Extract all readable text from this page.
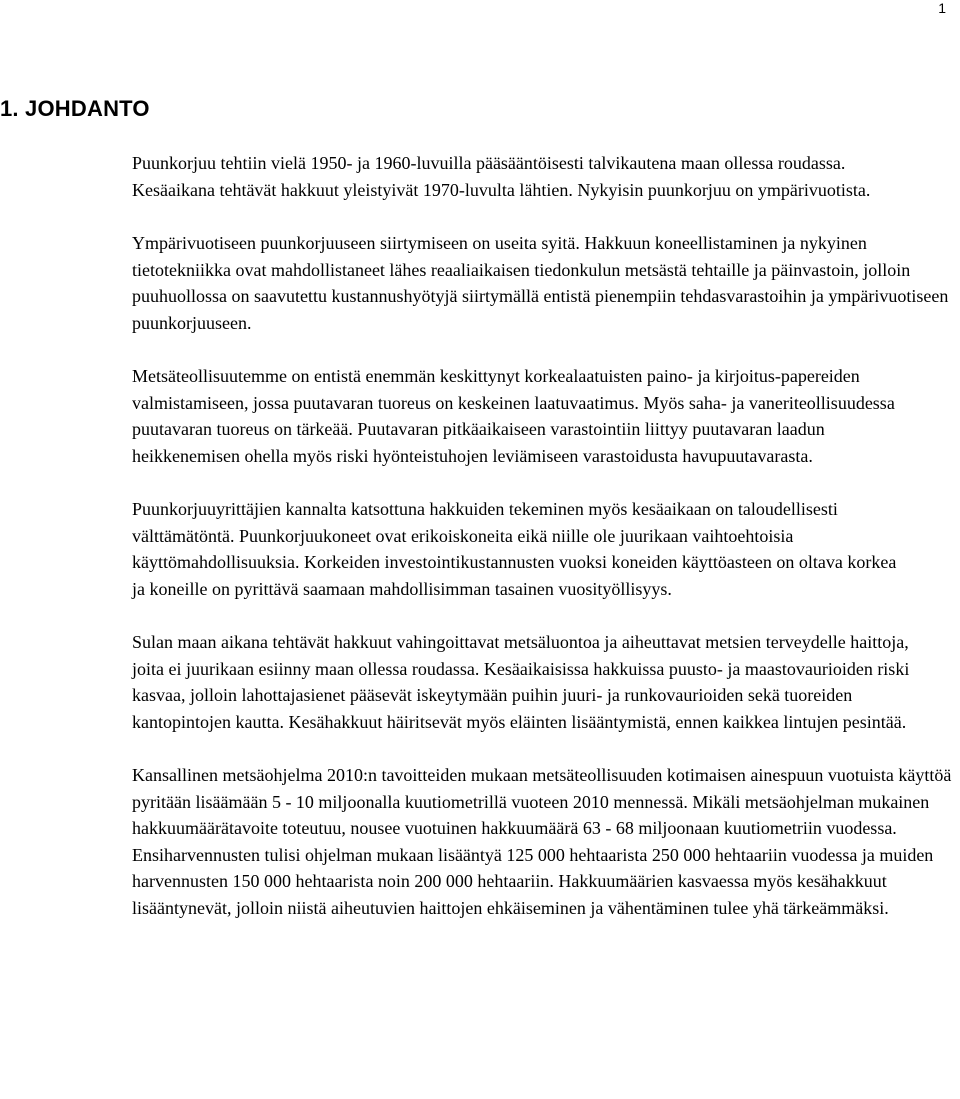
1
1. JOHDANTO

Puunkorjuu tehtiin vielä 1950- ja 1960-luvuilla pääsääntöisesti talvikautena maan ollessa roudassa. Kesäaikana tehtävät hakkuut yleistyivät 1970-luvulta lähtien. Nykyisin puunkorjuu on ympärivuotista.

Ympärivuotiseen puunkorjuuseen siirtymiseen on useita syitä. Hakkuun koneellistaminen ja nykyinen tietotekniikka ovat mahdollistaneet lähes reaaliaikaisen tiedonkulun metsästä tehtaille ja päinvastoin, jolloin puuhuollossa on saavutettu kustannushyötyjä siirtymällä entistä pienempiin tehdasvarastoihin ja ympärivuotiseen puunkorjuuseen.

Metsäteollisuutemme on entistä enemmän keskittynyt korkealaatuisten paino- ja kirjoitus-papereiden valmistamiseen, jossa puutavaran tuoreus on keskeinen laatuvaatimus. Myös saha- ja vaneriteollisuudessa puutavaran tuoreus on tärkeää. Puutavaran pitkäaikaiseen varastointiin liittyy puutavaran laadun heikkenemisen ohella myös riski hyönteistuhojen leviämiseen varastoidusta havupuutavarasta.

Puunkorjuuyrittäjien kannalta katsottuna hakkuiden tekeminen myös kesäaikaan on taloudellisesti välttämätöntä. Puunkorjuukoneet ovat erikoiskoneita eikä niille ole juurikaan vaihtoehtoisia käyttömahdollisuuksia. Korkeiden investointikustannusten vuoksi koneiden käyttöasteen on oltava korkea ja koneille on pyrittävä saamaan mahdollisimman tasainen vuosityöllisyys.

Sulan maan aikana tehtävät hakkuut vahingoittavat metsäluontoa ja aiheuttavat metsien terveydelle haittoja, joita ei juurikaan esiinny maan ollessa roudassa. Kesäaikaisissa hakkuissa puusto- ja maastovaurioiden riski kasvaa, jolloin lahottajasienet pääsevät iskeytymään puihin juuri- ja runkovaurioiden sekä tuoreiden kantopintojen kautta. Kesähakkuut häiritsevät myös eläinten lisääntymistä, ennen kaikkea lintujen pesintää.

Kansallinen metsäohjelma 2010:n tavoitteiden mukaan metsäteollisuuden kotimaisen ainespuun vuotuista käyttöä pyritään lisäämään 5 - 10 miljoonalla kuutiometrillä vuoteen 2010 mennessä. Mikäli metsäohjelman mukainen hakkuumäärätavoite toteutuu, nousee vuotuinen hakkuumäärä 63 - 68 miljoonaan kuutiometriin vuodessa. Ensiharvennusten tulisi ohjelman mukaan lisääntyä 125 000 hehtaarista 250 000 hehtaariin vuodessa ja muiden harvennusten 150 000 hehtaarista noin 200 000 hehtaariin. Hakkuumäärien kasvaessa myös kesähakkuut lisääntynevät, jolloin niistä aiheutuvien haittojen ehkäiseminen ja vähentäminen tulee yhä tärkeämmäksi.
